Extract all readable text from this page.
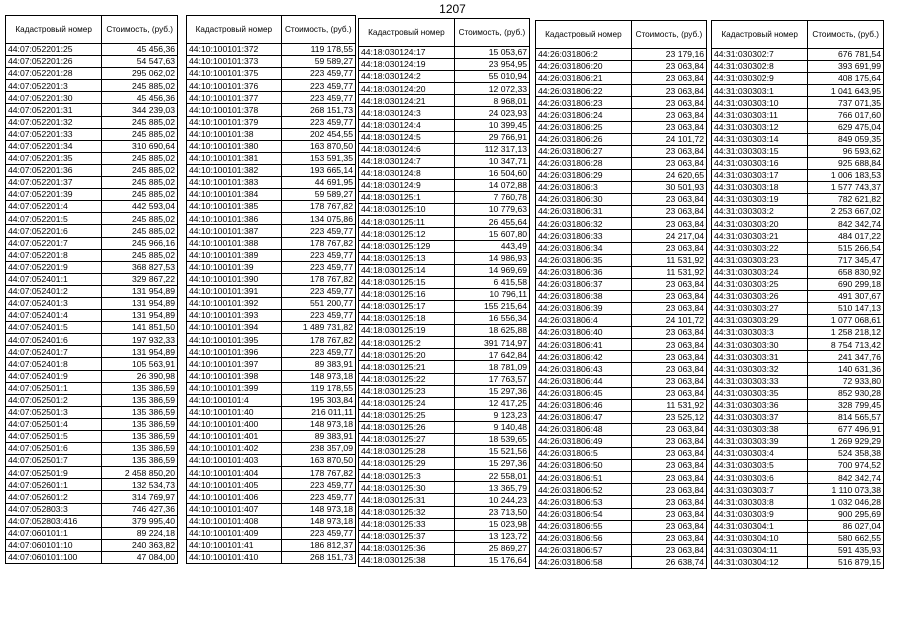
1207
Кадастровый номер	Стоимость, (руб.)
44:07:052201:25	45 456,36
44:07:052201:26	54 547,63
44:07:052201:28	295 062,02
44:07:052201:3	245 885,02
44:07:052201:30	45 456,36
44:07:052201:31	344 239,03
44:07:052201:32	245 885,02
44:07:052201:33	245 885,02
44:07:052201:34	310 690,64
44:07:052201:35	245 885,02
44:07:052201:36	245 885,02
44:07:052201:37	245 885,02
44:07:052201:39	245 885,02
44:07:052201:4	442 593,04
44:07:052201:5	245 885,02
44:07:052201:6	245 885,02
44:07:052201:7	245 966,16
44:07:052201:8	245 885,02
44:07:052201:9	368 827,53
44:07:052401:1	329 867,22
44:07:052401:2	131 954,89
44:07:052401:3	131 954,89
44:07:052401:4	131 954,89
44:07:052401:5	141 851,50
44:07:052401:6	197 932,33
44:07:052401:7	131 954,89
44:07:052401:8	105 563,91
44:07:052401:9	26 390,98
44:07:052501:1	135 386,59
44:07:052501:2	135 386,59
44:07:052501:3	135 386,59
44:07:052501:4	135 386,59
44:07:052501:5	135 386,59
44:07:052501:6	135 386,59
44:07:052501:7	135 386,59
44:07:052501:9	2 458 850,20
44:07:052601:1	132 534,73
44:07:052601:2	314 769,97
44:07:052803:3	746 427,36
44:07:052803:416	379 995,40
44:07:060101:1	89 224,18
44:07:060101:10	240 363,82
44:07:060101:100	47 084,00
Кадастровый номер	Стоимость, (руб.)
44:10:100101:372	119 178,55
44:10:100101:373	59 589,27
44:10:100101:375	223 459,77
44:10:100101:376	223 459,77
44:10:100101:377	223 459,77
44:10:100101:378	268 151,73
44:10:100101:379	223 459,77
44:10:100101:38	202 454,55
44:10:100101:380	163 870,50
44:10:100101:381	153 591,35
44:10:100101:382	193 665,14
44:10:100101:383	44 691,95
44:10:100101:384	59 589,27
44:10:100101:385	178 767,82
44:10:100101:386	134 075,86
44:10:100101:387	223 459,77
44:10:100101:388	178 767,82
44:10:100101:389	223 459,77
44:10:100101:39	223 459,77
44:10:100101:390	178 767,82
44:10:100101:391	223 459,77
44:10:100101:392	551 200,77
44:10:100101:393	223 459,77
44:10:100101:394	1 489 731,82
44:10:100101:395	178 767,82
44:10:100101:396	223 459,77
44:10:100101:397	89 383,91
44:10:100101:398	148 973,18
44:10:100101:399	119 178,55
44:10:100101:4	195 303,84
44:10:100101:40	216 011,11
44:10:100101:400	148 973,18
44:10:100101:401	89 383,91
44:10:100101:402	238 357,09
44:10:100101:403	163 870,50
44:10:100101:404	178 767,82
44:10:100101:405	223 459,77
44:10:100101:406	223 459,77
44:10:100101:407	148 973,18
44:10:100101:408	148 973,18
44:10:100101:409	223 459,77
44:10:100101:41	186 812,37
44:10:100101:410	268 151,73
Кадастровый номер	Стоимость, (руб.)
44:18:030124:17	15 053,67
44:18:030124:19	23 954,95
44:18:030124:2	55 010,94
44:18:030124:20	12 072,33
44:18:030124:21	8 968,01
44:18:030124:3	24 023,93
44:18:030124:4	10 399,45
44:18:030124:5	29 766,91
44:18:030124:6	112 317,13
44:18:030124:7	10 347,71
44:18:030124:8	16 504,60
44:18:030124:9	14 072,88
44:18:030125:1	7 760,78
44:18:030125:10	10 779,63
44:18:030125:11	26 455,64
44:18:030125:12	15 607,80
44:18:030125:129	443,49
44:18:030125:13	14 986,93
44:18:030125:14	14 969,69
44:18:030125:15	6 415,58
44:18:030125:16	10 796,11
44:18:030125:17	155 215,64
44:18:030125:18	16 556,34
44:18:030125:19	18 625,88
44:18:030125:2	391 714,97
44:18:030125:20	17 642,84
44:18:030125:21	18 781,09
44:18:030125:22	17 763,57
44:18:030125:23	15 297,36
44:18:030125:24	12 417,25
44:18:030125:25	9 123,23
44:18:030125:26	9 140,48
44:18:030125:27	18 539,65
44:18:030125:28	15 521,56
44:18:030125:29	15 297,36
44:18:030125:3	22 558,01
44:18:030125:30	13 365,79
44:18:030125:31	10 244,23
44:18:030125:32	23 713,50
44:18:030125:33	15 023,98
44:18:030125:37	13 123,72
44:18:030125:36	25 869,27
44:18:030125:38	15 176,64
Кадастровый номер	Стоимость, (руб.)
44:26:031806:2	23 179,16
44:26:031806:20	23 063,84
44:26:031806:21	23 063,84
44:26:031806:22	23 063,84
44:26:031806:23	23 063,84
44:26:031806:24	23 063,84
44:26:031806:25	23 063,84
44:26:031806:26	24 101,72
44:26:031806:27	23 063,84
44:26:031806:28	23 063,84
44:26:031806:29	24 620,65
44:26:031806:3	30 501,93
44:26:031806:30	23 063,84
44:26:031806:31	23 063,84
44:26:031806:32	23 063,84
44:26:031806:33	24 217,04
44:26:031806:34	23 063,84
44:26:031806:35	11 531,92
44:26:031806:36	11 531,92
44:26:031806:37	23 063,84
44:26:031806:38	23 063,84
44:26:031806:39	23 063,84
44:26:031806:4	24 101,72
44:26:031806:40	23 063,84
44:26:031806:41	23 063,84
44:26:031806:42	23 063,84
44:26:031806:43	23 063,84
44:26:031806:44	23 063,84
44:26:031806:45	23 063,84
44:26:031806:46	11 531,92
44:26:031806:47	23 525,12
44:26:031806:48	23 063,84
44:26:031806:49	23 063,84
44:26:031806:5	23 063,84
44:26:031806:50	23 063,84
44:26:031806:51	23 063,84
44:26:031806:52	23 063,84
44:26:031806:53	23 063,84
44:26:031806:54	23 063,84
44:26:031806:55	23 063,84
44:26:031806:56	23 063,84
44:26:031806:57	23 063,84
44:26:031806:58	26 638,74
Кадастровый номер	Стоимость, (руб.)
44:31:030302:7	676 781,54
44:31:030302:8	393 691,99
44:31:030302:9	408 175,64
44:31:030303:1	1 041 643,95
44:31:030303:10	737 071,35
44:31:030303:11	766 017,60
44:31:030303:12	629 475,04
44:31:030303:14	849 059,35
44:31:030303:15	96 593,62
44:31:030303:16	925 688,84
44:31:030303:17	1 006 183,53
44:31:030303:18	1 577 743,37
44:31:030303:19	782 621,82
44:31:030303:2	2 253 667,02
44:31:030303:20	842 342,74
44:31:030303:21	484 017,22
44:31:030303:22	515 266,54
44:31:030303:23	717 345,47
44:31:030303:24	658 830,92
44:31:030303:25	690 299,18
44:31:030303:26	491 307,67
44:31:030303:27	510 147,13
44:31:030303:29	1 077 068,61
44:31:030303:3	1 258 218,12
44:31:030303:30	8 754 713,42
44:31:030303:31	241 347,76
44:31:030303:32	140 631,36
44:31:030303:33	72 933,80
44:31:030303:35	852 930,28
44:31:030303:36	328 799,45
44:31:030303:37	814 565,57
44:31:030303:38	677 496,91
44:31:030303:39	1 269 929,29
44:31:030303:4	524 358,38
44:31:030303:5	700 974,52
44:31:030303:6	842 342,74
44:31:030303:7	1 110 073,38
44:31:030303:8	1 032 046,28
44:31:030303:9	900 295,69
44:31:030304:1	86 027,04
44:31:030304:10	580 662,55
44:31:030304:11	591 435,93
44:31:030304:12	516 879,15
